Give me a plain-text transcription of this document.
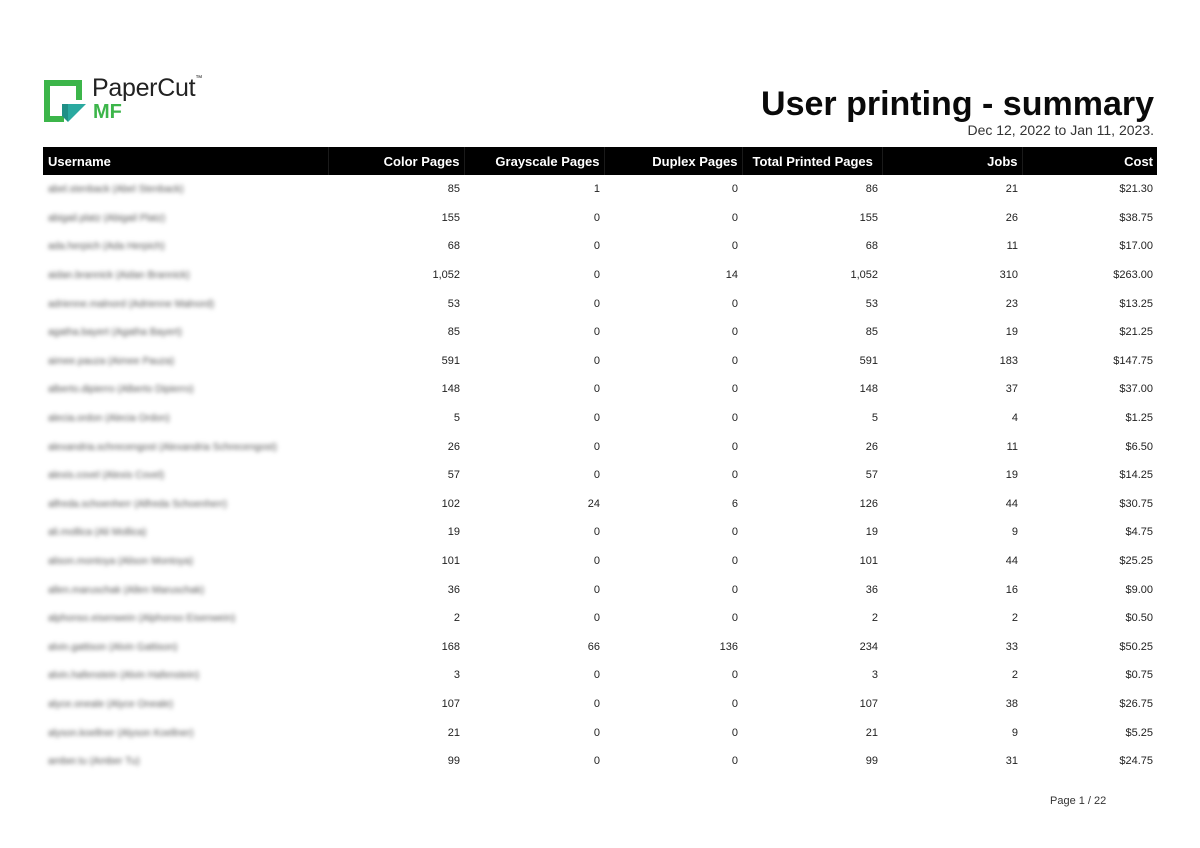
PaperCut™
MF	User printing - summary
Dec 12, 2022 to Jan 11, 2023.
Username	Color Pages	Grayscale Pages	Duplex Pages	Total Printed Pages	Jobs	Cost
abel.stenback (Abel Stenback)	85	1	0	86	21	$21.30
abigail.platz (Abigail Platz)	155	0	0	155	26	$38.75
ada.herpich (Ada Herpich)	68	0	0	68	11	$17.00
aidan.brannick (Aidan Brannick)	1,052	0	14	1,052	310	$263.00
adrienne.malnord (Adrienne Malnord)	53	0	0	53	23	$13.25
agatha.bayert (Agatha Bayert)	85	0	0	85	19	$21.25
aimee.pauza (Aimee Pauza)	591	0	0	591	183	$147.75
alberto.dipierro (Alberto Dipierro)	148	0	0	148	37	$37.00
alecia.ordon (Alecia Ordon)	5	0	0	5	4	$1.25
alexandria.schrecengost (Alexandria Schrecengost)	26	0	0	26	11	$6.50
alexis.covel (Alexis Covel)	57	0	0	57	19	$14.25
alfreda.schoenherr (Alfreda Schoenherr)	102	24	6	126	44	$30.75
ali.mollica (Ali Mollica)	19	0	0	19	9	$4.75
alison.montoya (Alison Montoya)	101	0	0	101	44	$25.25
allen.maruschak (Allen Maruschak)	36	0	0	36	16	$9.00
alphonso.eisenwein (Alphonso Eisenwein)	2	0	0	2	2	$0.50
alvin.gattison (Alvin Gattison)	168	66	136	234	33	$50.25
alvin.hafenstein (Alvin Hafenstein)	3	0	0	3	2	$0.75
alyce.oneale (Alyce Oneale)	107	0	0	107	38	$26.75
alyson.koellner (Alyson Koellner)	21	0	0	21	9	$5.25
amber.tu (Amber Tu)	99	0	0	99	31	$24.75
Page 1 / 22
